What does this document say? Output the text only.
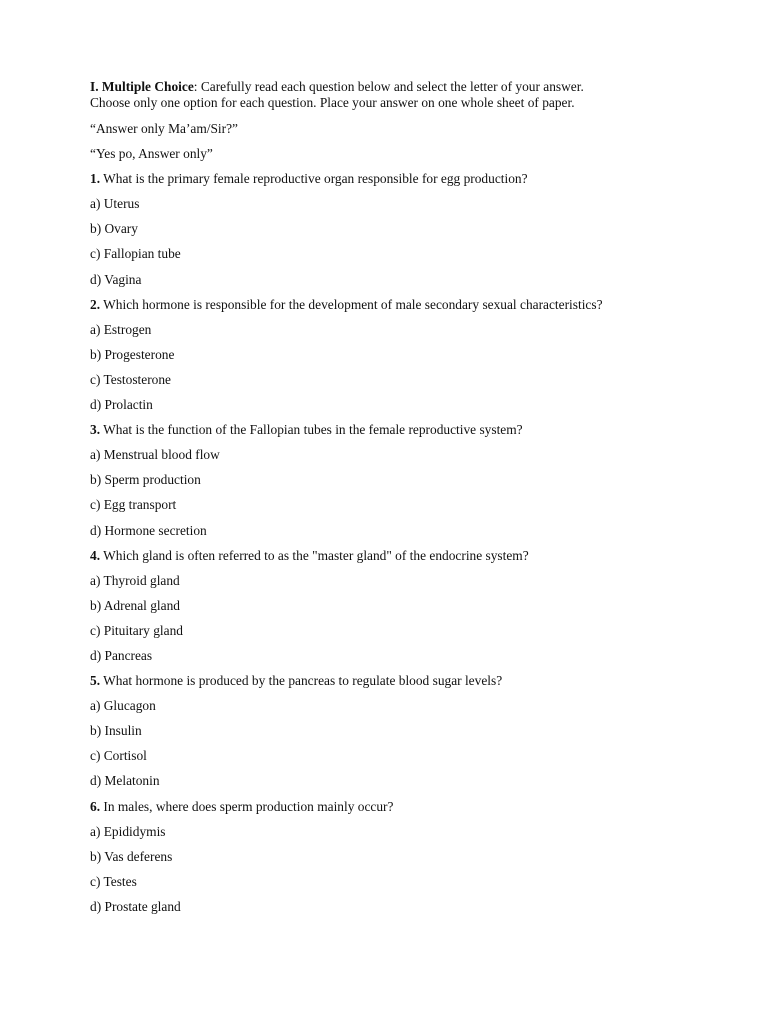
I. Multiple Choice: Carefully read each question below and select the letter of your answer.
Choose only one option for each question. Place your answer on one whole sheet of paper.
“Answer only Ma’am/Sir?”
“Yes po, Answer only”
1. What is the primary female reproductive organ responsible for egg production?
a) Uterus
b) Ovary
c) Fallopian tube
d) Vagina
2. Which hormone is responsible for the development of male secondary sexual characteristics?
a) Estrogen
b) Progesterone
c) Testosterone
d) Prolactin
3. What is the function of the Fallopian tubes in the female reproductive system?
a) Menstrual blood flow
b) Sperm production
c) Egg transport
d) Hormone secretion
4. Which gland is often referred to as the "master gland" of the endocrine system?
a) Thyroid gland
b) Adrenal gland
c) Pituitary gland
d) Pancreas
5. What hormone is produced by the pancreas to regulate blood sugar levels?
a) Glucagon
b) Insulin
c) Cortisol
d) Melatonin
6. In males, where does sperm production mainly occur?
a) Epididymis
b) Vas deferens
c) Testes
d) Prostate gland
